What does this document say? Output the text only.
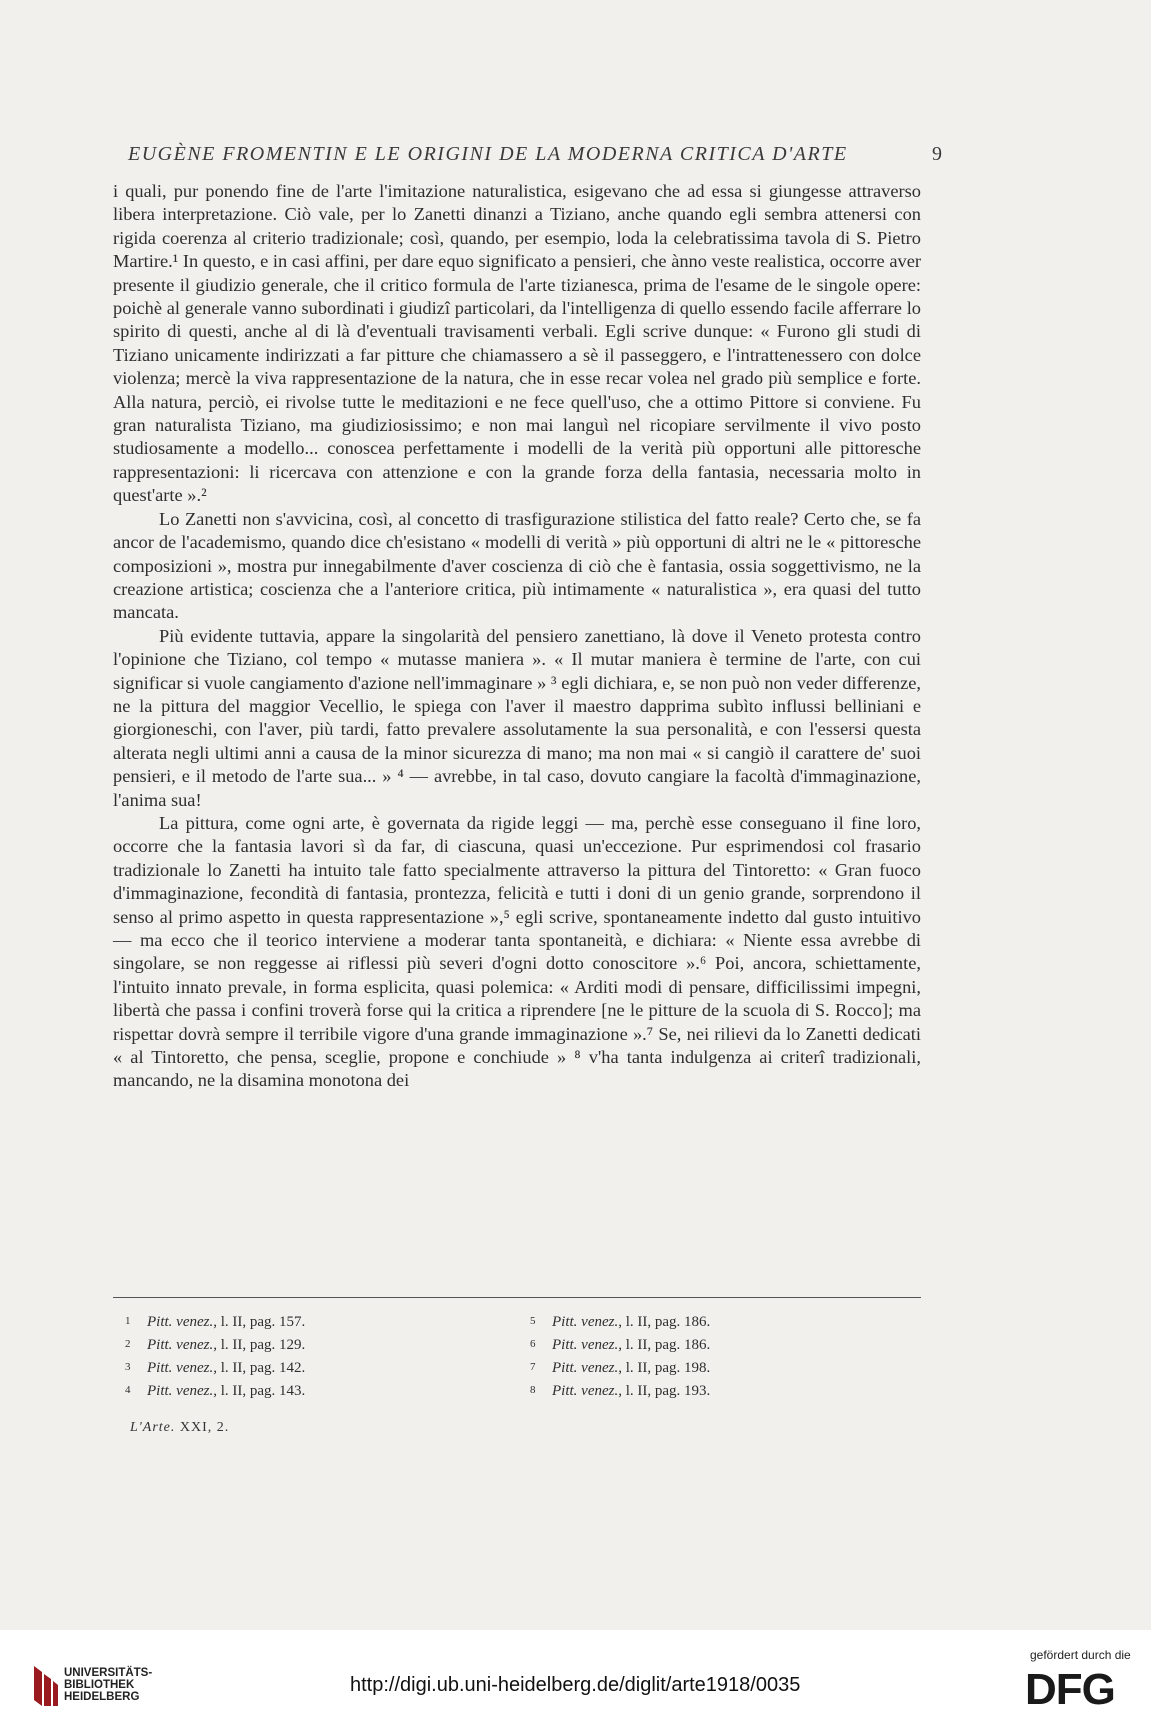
EUGÈNE FROMENTIN E LE ORIGINI DE LA MODERNA CRITICA D'ARTE	9

i quali, pur ponendo fine de l'arte l'imitazione naturalistica, esigevano che ad essa si giungesse attraverso libera interpretazione. Ciò vale, per lo Zanetti dinanzi a Tiziano, anche quando egli sembra attenersi con rigida coerenza al criterio tradizionale; così, quando, per esempio, loda la celebratissima tavola di S. Pietro Martire.¹ In questo, e in casi affini, per dare equo significato a pensieri, che ànno veste realistica, occorre aver presente il giudizio generale, che il critico formula de l'arte tizianesca, prima de l'esame de le singole opere: poichè al generale vanno subordinati i giudizî particolari, da l'intelligenza di quello essendo facile afferrare lo spirito di questi, anche al di là d'eventuali travisamenti verbali. Egli scrive dunque: « Furono gli studi di Tiziano unicamente indirizzati a far pitture che chiamassero a sè il passeggero, e l'intrattenessero con dolce violenza; mercè la viva rappresentazione de la natura, che in esse recar volea nel grado più semplice e forte. Alla natura, perciò, ei rivolse tutte le meditazioni e ne fece quell'uso, che a ottimo Pittore si conviene. Fu gran naturalista Tiziano, ma giudiziosissimo; e non mai languì nel ricopiare servilmente il vivo posto studiosamente a modello... conoscea perfettamente i modelli de la verità più opportuni alle pittoresche rappresentazioni: li ricercava con attenzione e con la grande forza della fantasia, necessaria molto in quest'arte ».²

Lo Zanetti non s'avvicina, così, al concetto di trasfigurazione stilistica del fatto reale? Certo che, se fa ancor de l'academismo, quando dice ch'esistano « modelli di verità » più opportuni di altri ne le « pittoresche composizioni », mostra pur innegabilmente d'aver coscienza di ciò che è fantasia, ossia soggettivismo, ne la creazione artistica; coscienza che a l'anteriore critica, più intimamente « naturalistica », era quasi del tutto mancata.

Più evidente tuttavia, appare la singolarità del pensiero zanettiano, là dove il Veneto protesta contro l'opinione che Tiziano, col tempo « mutasse maniera ». « Il mutar maniera è termine de l'arte, con cui significar si vuole cangiamento d'azione nell'immaginare » ³ egli dichiara, e, se non può non veder differenze, ne la pittura del maggior Vecellio, le spiega con l'aver il maestro dapprima subìto influssi belliniani e giorgioneschi, con l'aver, più tardi, fatto prevalere assolutamente la sua personalità, e con l'essersi questa alterata negli ultimi anni a causa de la minor sicurezza di mano; ma non mai « si cangiò il carattere de' suoi pensieri, e il metodo de l'arte sua... » ⁴ — avrebbe, in tal caso, dovuto cangiare la facoltà d'immaginazione, l'anima sua!

La pittura, come ogni arte, è governata da rigide leggi — ma, perchè esse conseguano il fine loro, occorre che la fantasia lavori sì da far, di ciascuna, quasi un'eccezione. Pur esprimendosi col frasario tradizionale lo Zanetti ha intuito tale fatto specialmente attraverso la pittura del Tintoretto: « Gran fuoco d'immaginazione, fecondità di fantasia, prontezza, felicità e tutti i doni di un genio grande, sorprendono il senso al primo aspetto in questa rappresentazione »,⁵ egli scrive, spontaneamente indetto dal gusto intuitivo — ma ecco che il teorico interviene a moderar tanta spontaneità, e dichiara: « Niente essa avrebbe di singolare, se non reggesse ai riflessi più severi d'ogni dotto conoscitore ».⁶ Poi, ancora, schiettamente, l'intuito innato prevale, in forma esplicita, quasi polemica: « Arditi modi di pensare, difficilissimi impegni, libertà che passa i confini troverà forse qui la critica a riprendere [ne le pitture de la scuola di S. Rocco]; ma rispettar dovrà sempre il terribile vigore d'una grande immaginazione ».⁷ Se, nei rilievi da lo Zanetti dedicati « al Tintoretto, che pensa, sceglie, propone e conchiude » ⁸ v'ha tanta indulgenza ai criterî tradizionali, mancando, ne la disamina monotona dei

1 Pitt. venez., l. II, pag. 157.
2 Pitt. venez., l. II, pag. 129.
3 Pitt. venez., l. II, pag. 142.
4 Pitt. venez., l. II, pag. 143.
5 Pitt. venez., l. II, pag. 186.
6 Pitt. venez., l. II, pag. 186.
7 Pitt. venez., l. II, pag. 198.
8 Pitt. venez., l. II, pag. 193.
L'Arte. XXI, 2.
UNIVERSITÄTS-
BIBLIOTHEK
HEIDELBERG
http://digi.ub.uni-heidelberg.de/diglit/arte1918/0035
gefördert durch die
DFG
